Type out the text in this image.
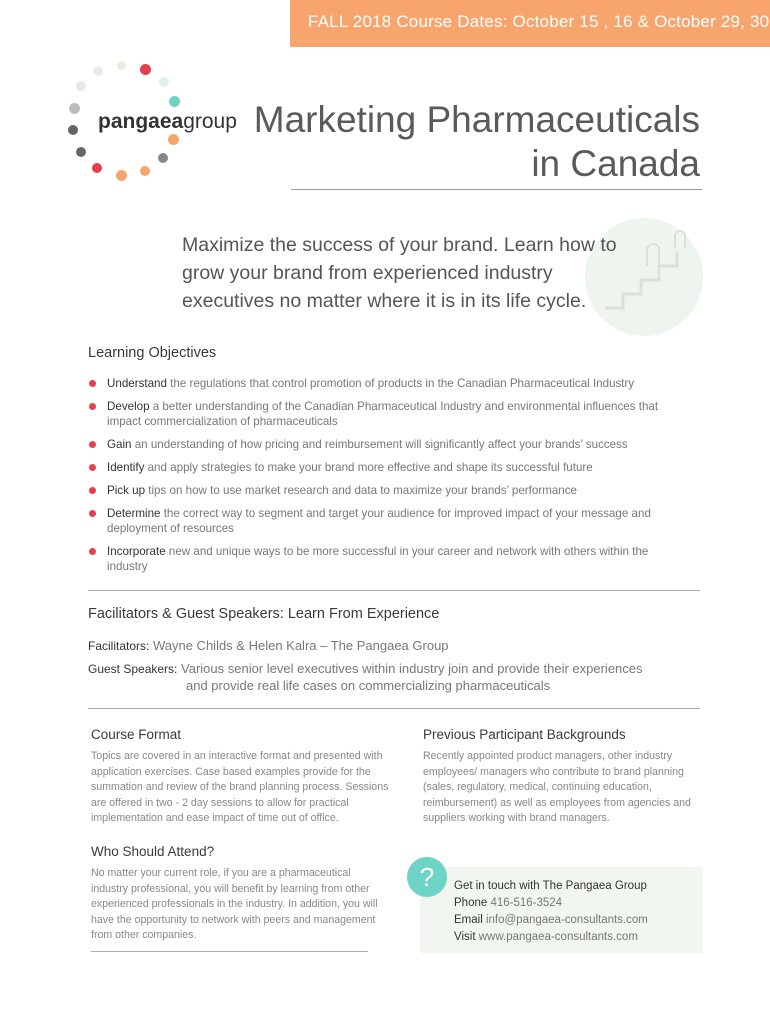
FALL 2018 Course Dates: October 15 , 16 & October 29, 30
pangaeagroup Marketing Pharmaceuticals
in Canada
Maximize the success of your brand. Learn how to grow your brand from experienced industry executives no matter where it is in its life cycle.
Learning Objectives
Understand the regulations that control promotion of products in the Canadian Pharmaceutical Industry
Develop a better understanding of the Canadian Pharmaceutical Industry and environmental influences that impact commercialization of pharmaceuticals
Gain an understanding of how pricing and reimbursement will significantly affect your brands’ success
Identify and apply strategies to make your brand more effective and shape its successful future
Pick up tips on how to use market research and data to maximize your brands’ performance
Determine the correct way to segment and target your audience for improved impact of your message and deployment of resources
Incorporate new and unique ways to be more successful in your career and network with others within the industry
Facilitators & Guest Speakers: Learn From Experience
Facilitators: Wayne Childs & Helen Kalra – The Pangaea Group
Guest Speakers: Various senior level executives within industry join and provide their experiences
and provide real life cases on commercializing pharmaceuticals
Course Format
Topics are covered in an interactive format and presented with application exercises. Case based examples provide for the summation and review of the brand planning process. Sessions are offered in two - 2 day sessions to allow for practical implementation and ease impact of time out of office.
Previous Participant Backgrounds
Recently appointed product managers, other industry employees/ managers who contribute to brand planning (sales, regulatory, medical, continuing education, reimbursement) as well as employees from agencies and suppliers working with brand managers.
Who Should Attend?
No matter your current role, if you are a pharmaceutical industry professional, you will benefit by learning from other experienced professionals in the industry. In addition, you will have the opportunity to network with peers and management from other companies.
?	Get in touch with The Pangaea Group
Phone 416-516-3524
Email info@pangaea-consultants.com
Visit www.pangaea-consultants.com
